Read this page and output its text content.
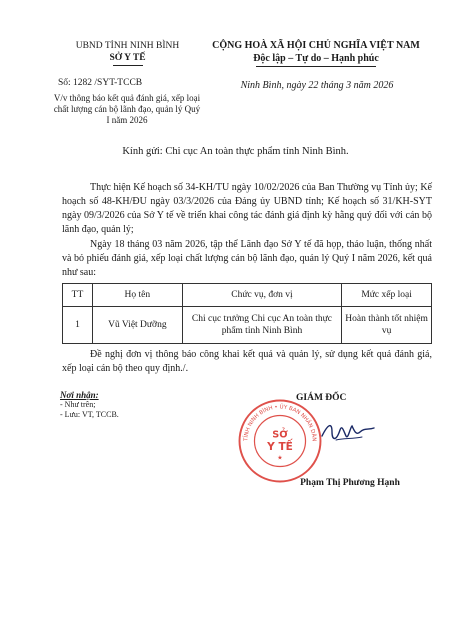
UBND TỈNH NINH BÌNH
SỞ Y TẾ
Số: 1282 /SYT-TCCB
V/v thông báo kết quả đánh giá, xếp loại chất lượng cán bộ lãnh đạo, quản lý Quý I năm 2026
CỘNG HOÀ XÃ HỘI CHỦ NGHĨA VIỆT NAM
Độc lập – Tự do – Hạnh phúc
Ninh Bình, ngày 22 tháng 3 năm 2026
Kính gửi: Chi cục An toàn thực phẩm tỉnh Ninh Bình.
Thực hiện Kế hoạch số 34-KH/TU ngày 10/02/2026 của Ban Thường vụ Tỉnh ủy; Kế hoạch số 48-KH/ĐU ngày 03/3/2026 của Đảng ủy UBND tỉnh; Kế hoạch số 31/KH-SYT ngày 09/3/2026 của Sở Y tế về triển khai công tác đánh giá định kỳ hằng quý đối với cán bộ lãnh đạo, quản lý;
Ngày 18 tháng 03 năm 2026, tập thể Lãnh đạo Sở Y tế đã họp, thảo luận, thống nhất và bỏ phiếu đánh giá, xếp loại chất lượng cán bộ lãnh đạo, quản lý Quý I năm 2026, kết quả như sau:
TT	Họ tên	Chức vụ, đơn vị	Mức xếp loại
1	Vũ Việt Dưỡng	Chi cục trưởng Chi cục An toàn thực phẩm tỉnh Ninh Bình	Hoàn thành tốt nhiệm vụ
Đề nghị đơn vị thông báo công khai kết quả và quản lý, sử dụng kết quả đánh giá, xếp loại cán bộ theo quy định./.
Nơi nhận:
- Như trên;
- Lưu: VT, TCCB.
GIÁM ĐỐC
TỈNH NINH BÌNH • ỦY BAN NHÂN DÂN
SỞ
Y TẾ
★
Phạm Thị Phương Hạnh
